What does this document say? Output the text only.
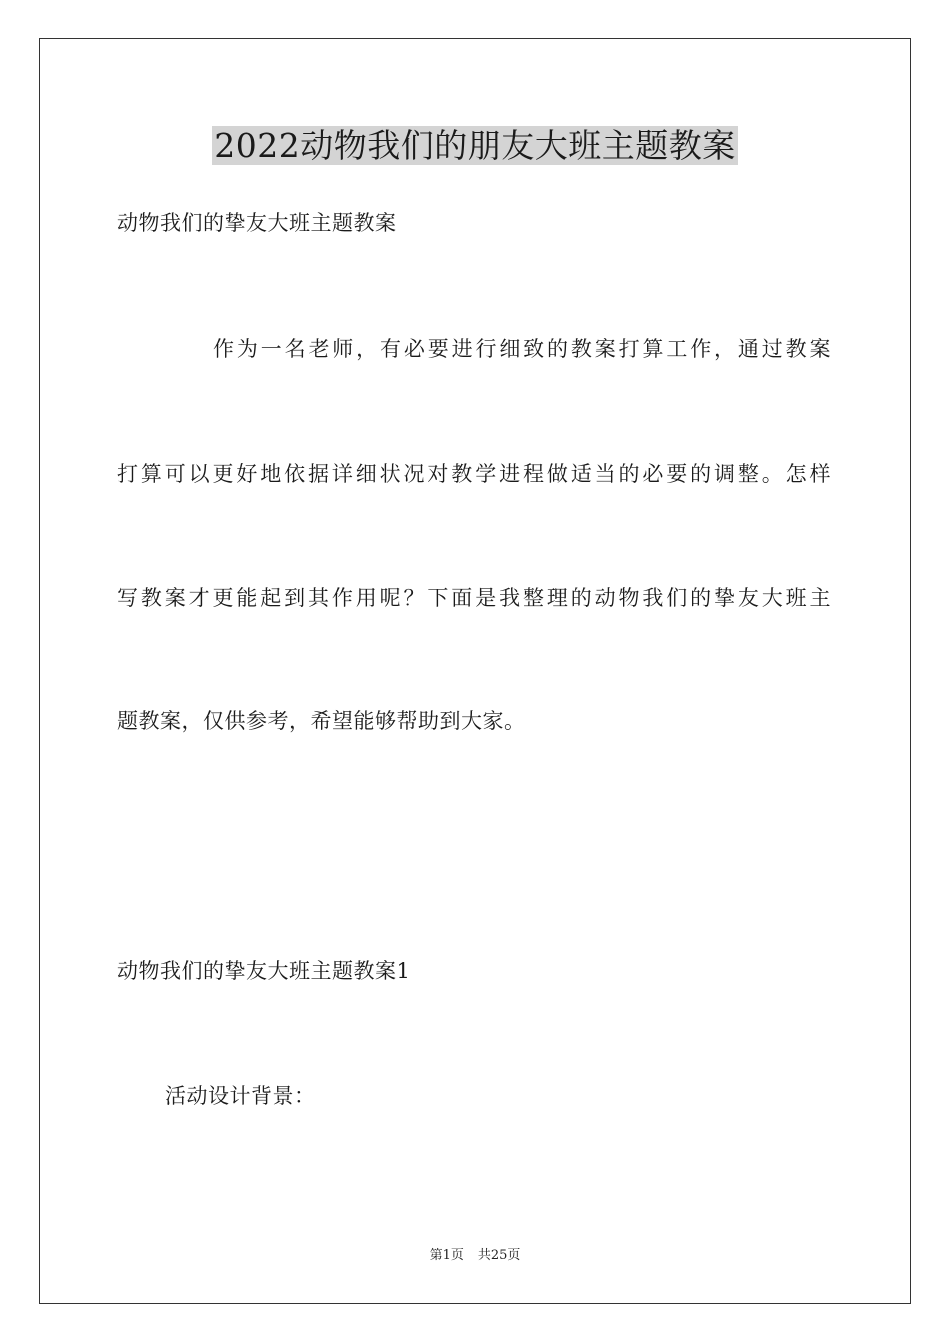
2022动物我们的朋友大班主题教案
动物我们的挚友大班主题教案
作为一名老师，有必要进行细致的教案打算工作，通过教案
打算可以更好地依据详细状况对教学进程做适当的必要的调整。怎样
写教案才更能起到其作用呢？下面是我整理的动物我们的挚友大班主
题教案，仅供参考，希望能够帮助到大家。
动物我们的挚友大班主题教案1
活动设计背景：
第1页 共25页
